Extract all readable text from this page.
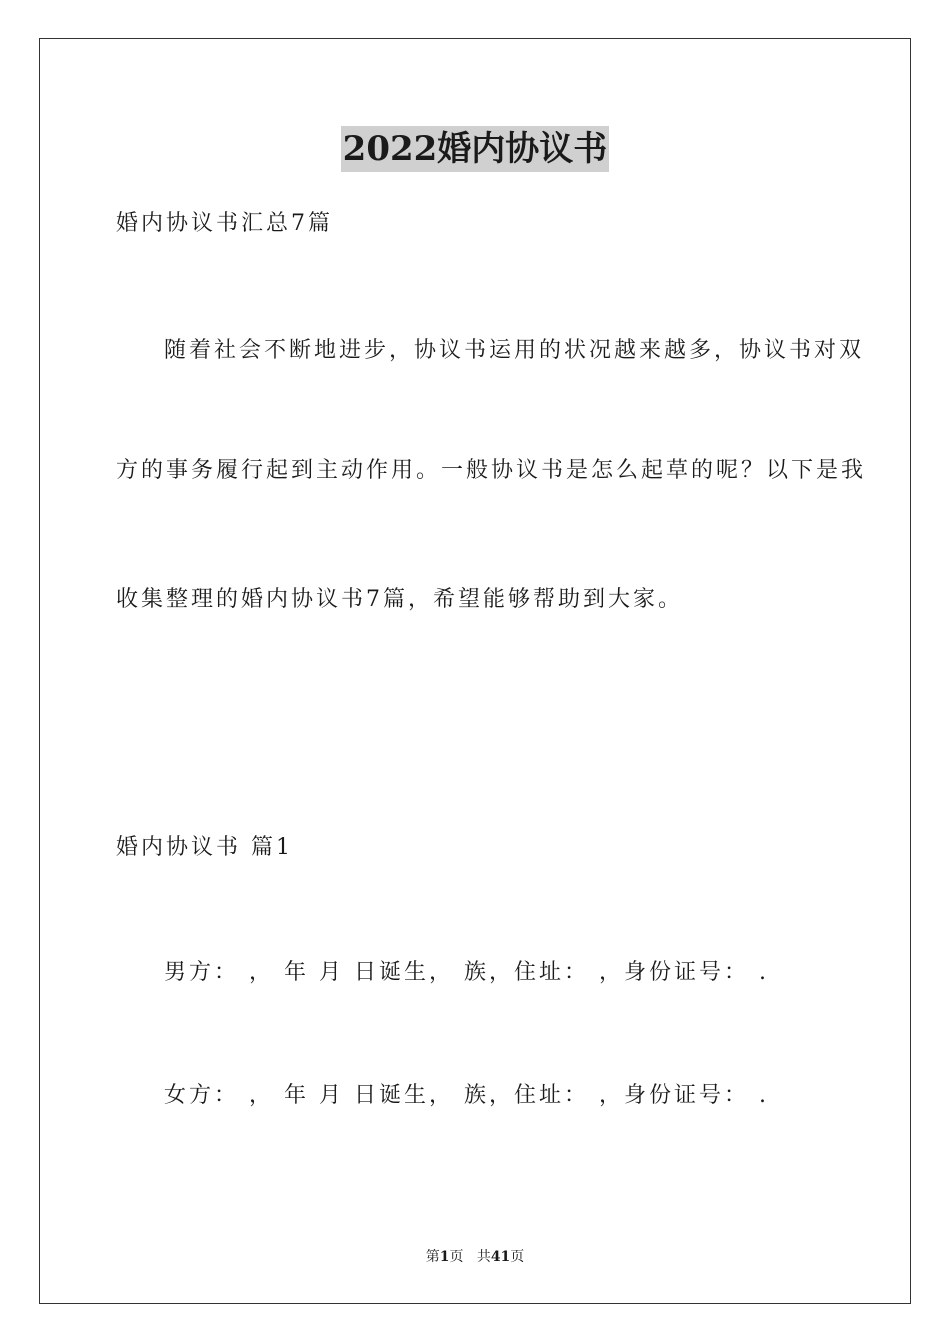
2022婚内协议书
婚内协议书汇总7篇
随着社会不断地进步，协议书运用的状况越来越多，协议书对双
方的事务履行起到主动作用。一般协议书是怎么起草的呢？以下是我
收集整理的婚内协议书7篇，希望能够帮助到大家。
婚内协议书 篇1
男方： ， 年 月 日诞生， 族，住址： ，身份证号： .
女方： ， 年 月 日诞生， 族，住址： ，身份证号： .
第1页 共41页
